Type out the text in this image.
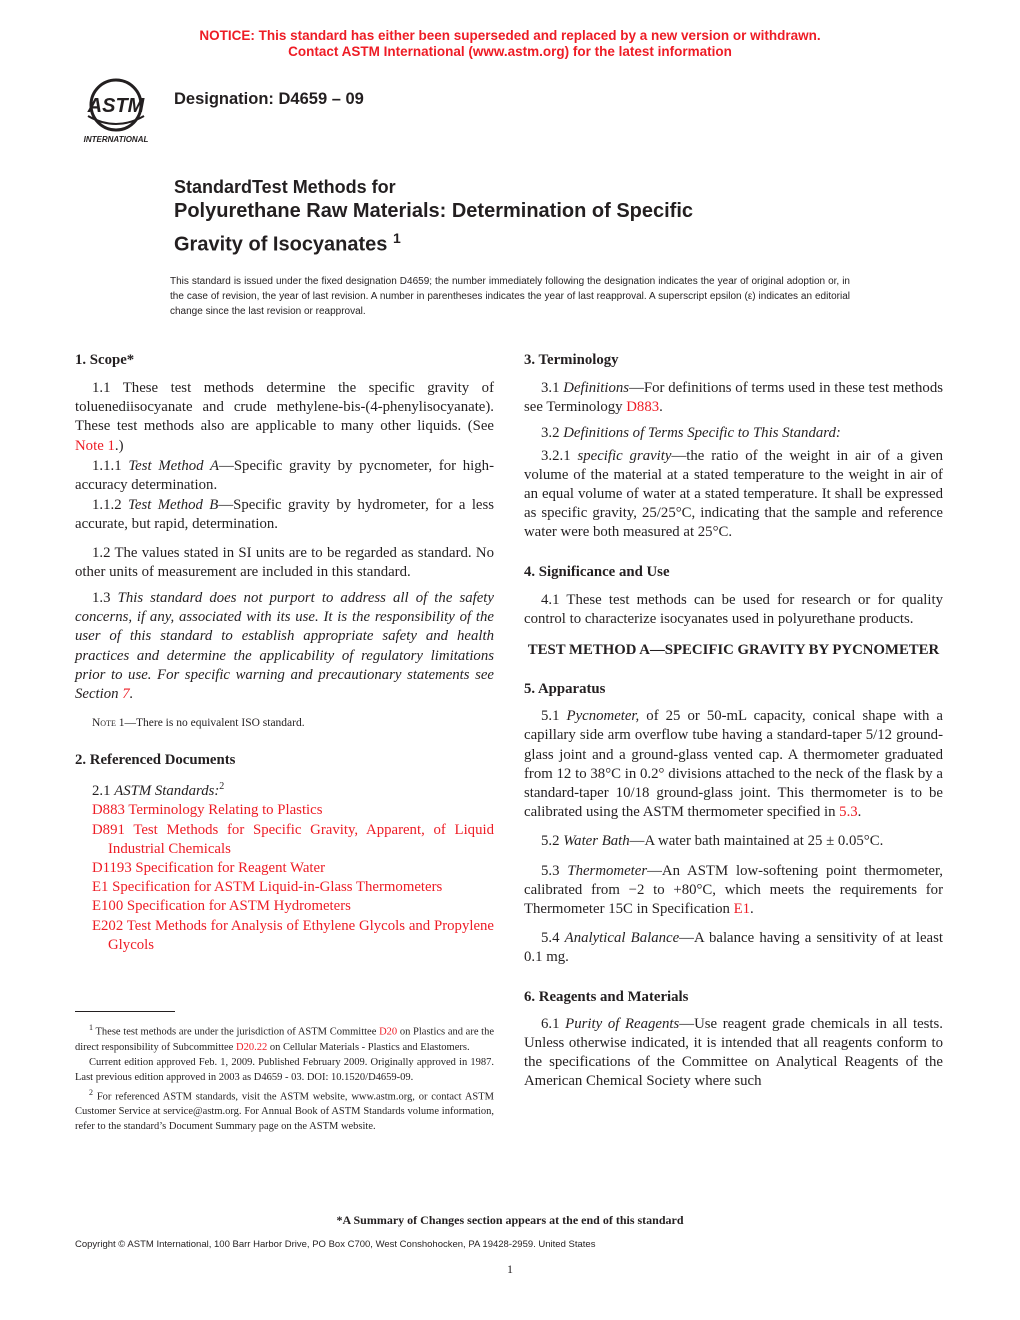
NOTICE: This standard has either been superseded and replaced by a new version or withdrawn.
Contact ASTM International (www.astm.org) for the latest information
ASTM
INTERNATIONAL
Designation: D4659 – 09
StandardTest Methods for
Polyurethane Raw Materials: Determination of Specific
Gravity of Isocyanates $^1$
This standard is issued under the fixed designation D4659; the number immediately following the designation indicates the year of original adoption or, in the case of revision, the year of last revision. A number in parentheses indicates the year of last reapproval. A superscript epsilon (ε) indicates an editorial change since the last revision or reapproval.
1. Scope*

1.1 These test methods determine the specific gravity of toluenediisocyanate and crude methylene-bis-(4-phenylisocyanate). These test methods also are applicable to many other liquids. (See Note 1.)

1.1.1 Test Method A—Specific gravity by pycnometer, for high-accuracy determination.

1.1.2 Test Method B—Specific gravity by hydrometer, for a less accurate, but rapid, determination.

1.2 The values stated in SI units are to be regarded as standard. No other units of measurement are included in this standard.

1.3 This standard does not purport to address all of the safety concerns, if any, associated with its use. It is the responsibility of the user of this standard to establish appropriate safety and health practices and determine the applicability of regulatory limitations prior to use. For specific warning and precautionary statements see Section 7.

Note 1—There is no equivalent ISO standard.

2. Referenced Documents

2.1 ASTM Standards:$^2$

D883 Terminology Relating to Plastics

D891 Test Methods for Specific Gravity, Apparent, of Liquid Industrial Chemicals

D1193 Specification for Reagent Water

E1 Specification for ASTM Liquid-in-Glass Thermometers

E100 Specification for ASTM Hydrometers

E202 Test Methods for Analysis of Ethylene Glycols and Propylene Glycols

$^1$ These test methods are under the jurisdiction of ASTM Committee D20 on Plastics and are the direct responsibility of Subcommittee D20.22 on Cellular Materials - Plastics and Elastomers.

Current edition approved Feb. 1, 2009. Published February 2009. Originally approved in 1987. Last previous edition approved in 2003 as D4659 - 03. DOI: 10.1520/D4659-09.

$^2$ For referenced ASTM standards, visit the ASTM website, www.astm.org, or contact ASTM Customer Service at service@astm.org. For Annual Book of ASTM Standards volume information, refer to the standard’s Document Summary page on the ASTM website.

3. Terminology

3.1 Definitions—For definitions of terms used in these test methods see Terminology D883.

3.2 Definitions of Terms Specific to This Standard:

3.2.1 specific gravity—the ratio of the weight in air of a given volume of the material at a stated temperature to the weight in air of an equal volume of water at a stated temperature. It shall be expressed as specific gravity, 25/25°C, indicating that the sample and reference water were both measured at 25°C.

4. Significance and Use

4.1 These test methods can be used for research or for quality control to characterize isocyanates used in polyurethane products.

TEST METHOD A—SPECIFIC GRAVITY BY PYCNOMETER

5. Apparatus

5.1 Pycnometer, of 25 or 50-mL capacity, conical shape with a capillary side arm overflow tube having a standard-taper 5/12 ground-glass joint and a ground-glass vented cap. A thermometer graduated from 12 to 38°C in 0.2° divisions attached to the neck of the flask by a standard-taper 10/18 ground-glass joint. This thermometer is to be calibrated using the ASTM thermometer specified in 5.3.

5.2 Water Bath—A water bath maintained at 25 ± 0.05°C.

5.3 Thermometer—An ASTM low-softening point thermometer, calibrated from −2 to +80°C, which meets the requirements for Thermometer 15C in Specification E1.

5.4 Analytical Balance—A balance having a sensitivity of at least 0.1 mg.

6. Reagents and Materials

6.1 Purity of Reagents—Use reagent grade chemicals in all tests. Unless otherwise indicated, it is intended that all reagents conform to the specifications of the Committee on Analytical Reagents of the American Chemical Society where such

*A Summary of Changes section appears at the end of this standard
Copyright © ASTM International, 100 Barr Harbor Drive, PO Box C700, West Conshohocken, PA 19428-2959. United States
1
